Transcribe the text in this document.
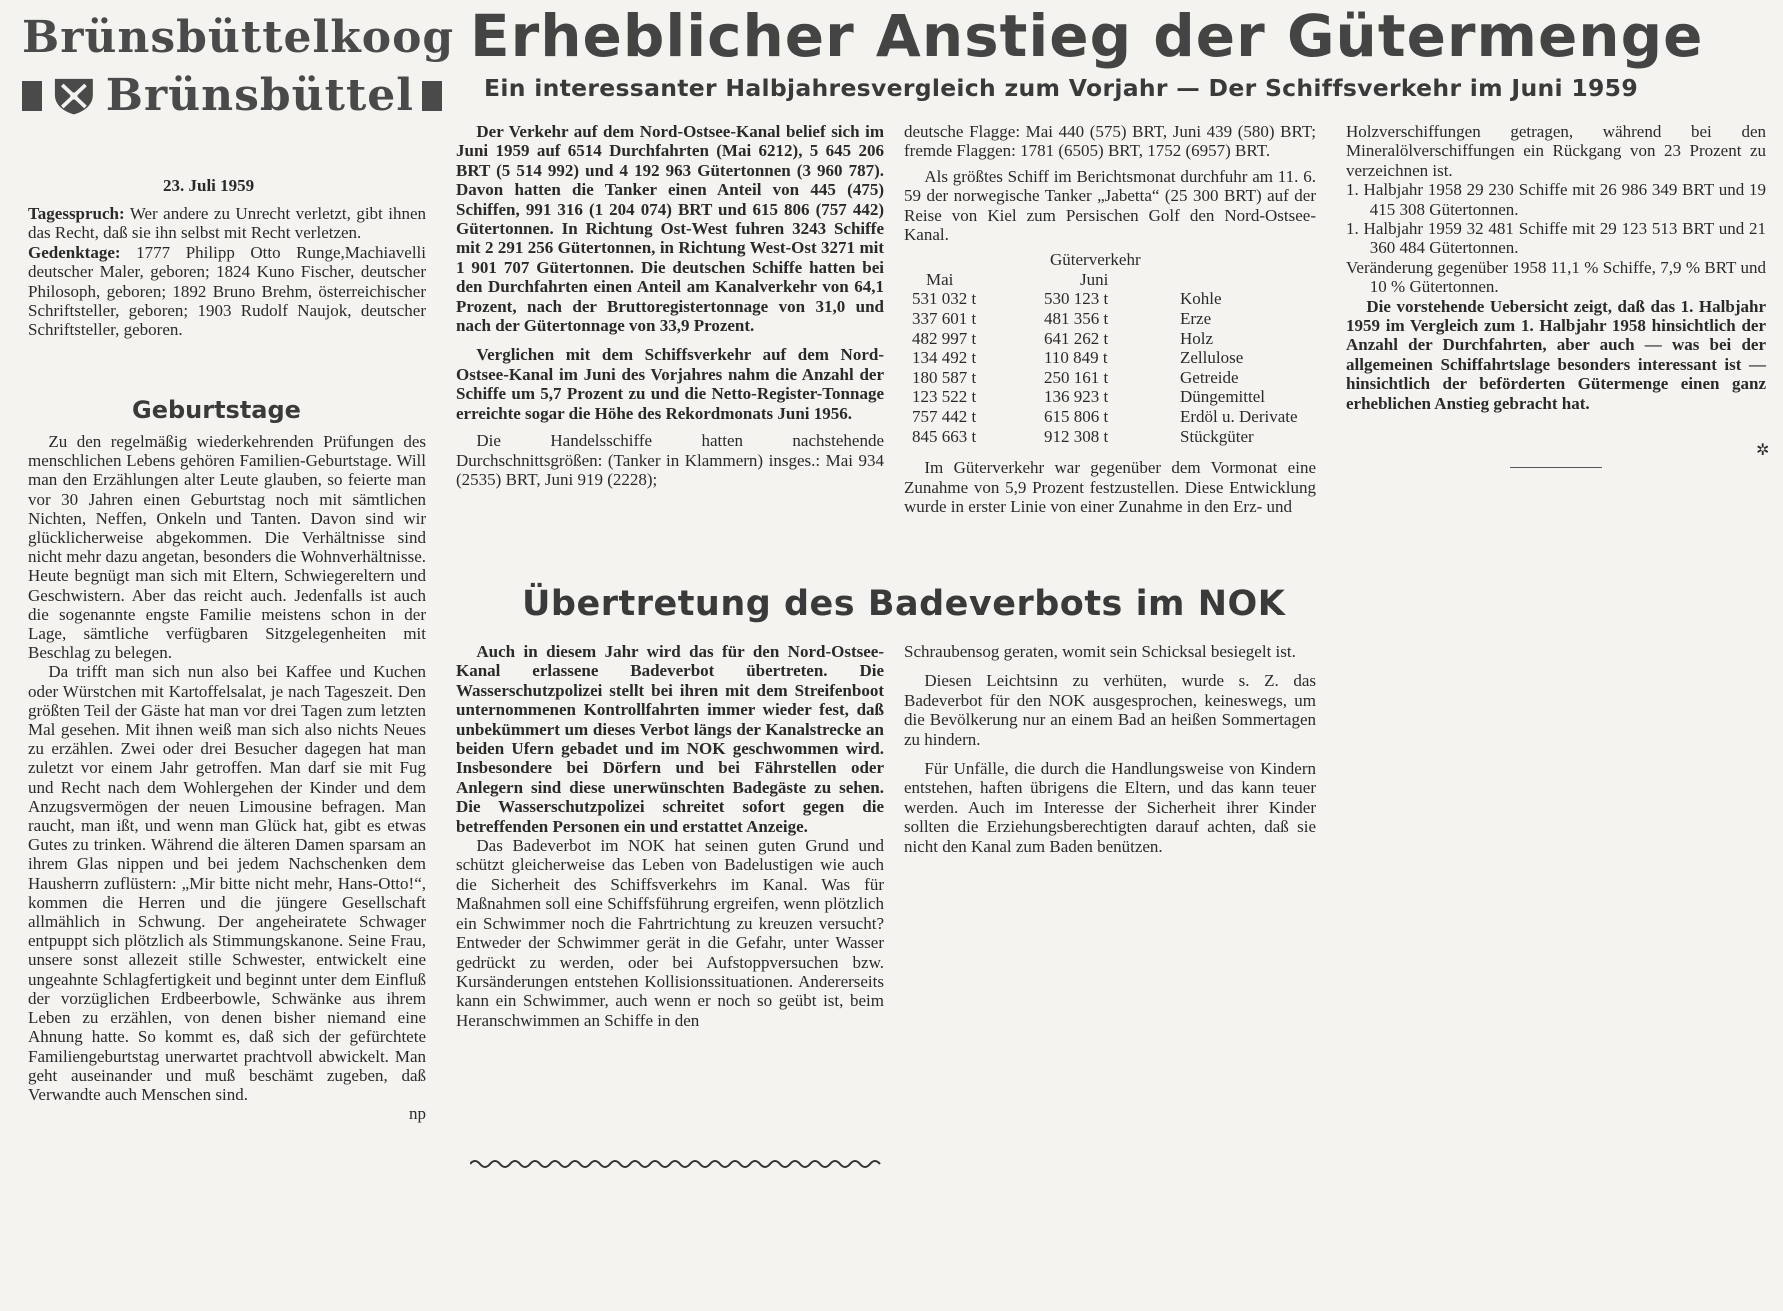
Brünsbüttelkoog
Brünsbüttel
23. Juli 1959

Tagesspruch: Wer andere zu Unrecht verletzt, gibt ihnen das Recht, daß sie ihn selbst mit Recht verletzen.
Machiavelli

Gedenktage: 1777 Philipp Otto Runge, deutscher Maler, geboren; 1824 Kuno Fischer, deutscher Philosoph, geboren; 1892 Bruno Brehm, österreichischer Schriftsteller, geboren; 1903 Rudolf Naujok, deutscher Schriftsteller, geboren.

Geburtstage

Zu den regelmäßig wiederkehrenden Prüfungen des menschlichen Lebens gehören Familien-Geburtstage. Will man den Erzählungen alter Leute glauben, so feierte man vor 30 Jahren einen Geburtstag noch mit sämtlichen Nichten, Neffen, Onkeln und Tanten. Davon sind wir glücklicherweise abgekommen. Die Verhältnisse sind nicht mehr dazu angetan, besonders die Wohnverhältnisse. Heute begnügt man sich mit Eltern, Schwiegereltern und Geschwistern. Aber das reicht auch. Jedenfalls ist auch die sogenannte engste Familie meistens schon in der Lage, sämtliche verfügbaren Sitzgelegenheiten mit Beschlag zu belegen.

Da trifft man sich nun also bei Kaffee und Kuchen oder Würstchen mit Kartoffelsalat, je nach Tageszeit. Den größten Teil der Gäste hat man vor drei Tagen zum letzten Mal gesehen. Mit ihnen weiß man sich also nichts Neues zu erzählen. Zwei oder drei Besucher dagegen hat man zuletzt vor einem Jahr getroffen. Man darf sie mit Fug und Recht nach dem Wohlergehen der Kinder und dem Anzugsvermögen der neuen Limousine befragen. Man raucht, man ißt, und wenn man Glück hat, gibt es etwas Gutes zu trinken. Während die älteren Damen sparsam an ihrem Glas nippen und bei jedem Nachschenken dem Hausherrn zuflüstern: „Mir bitte nicht mehr, Hans-Otto!“, kommen die Herren und die jüngere Gesellschaft allmählich in Schwung. Der angeheiratete Schwager entpuppt sich plötzlich als Stimmungskanone. Seine Frau, unsere sonst allezeit stille Schwester, entwickelt eine ungeahnte Schlagfertigkeit und beginnt unter dem Einfluß der vorzüglichen Erdbeerbowle, Schwänke aus ihrem Leben zu erzählen, von denen bisher niemand eine Ahnung hatte. So kommt es, daß sich der gefürchtete Familiengeburtstag unerwartet prachtvoll abwickelt. Man geht auseinander und muß beschämt zugeben, daß Verwandte auch Menschen sind.

np

Erheblicher Anstieg der Gütermenge
Ein interessanter Halbjahresvergleich zum Vorjahr — Der Schiffsverkehr im Juni 1959

Der Verkehr auf dem Nord-Ostsee-Kanal belief sich im Juni 1959 auf 6514 Durchfahrten (Mai 6212), 5 645 206 BRT (5 514 992) und 4 192 963 Gütertonnen (3 960 787). Davon hatten die Tanker einen Anteil von 445 (475) Schiffen, 991 316 (1 204 074) BRT und 615 806 (757 442) Gütertonnen. In Richtung Ost-West fuhren 3243 Schiffe mit 2 291 256 Gütertonnen, in Richtung West-Ost 3271 mit 1 901 707 Gütertonnen. Die deutschen Schiffe hatten bei den Durchfahrten einen Anteil am Kanalverkehr von 64,1 Prozent, nach der Bruttoregistertonnage von 31,0 und nach der Gütertonnage von 33,9 Prozent.

Verglichen mit dem Schiffsverkehr auf dem Nord-Ostsee-Kanal im Juni des Vorjahres nahm die Anzahl der Schiffe um 5,7 Prozent zu und die Netto-Register-Tonnage erreichte sogar die Höhe des Rekordmonats Juni 1956.

Die Handelsschiffe hatten nachstehende Durchschnittsgrößen: (Tanker in Klammern) insges.: Mai 934 (2535) BRT, Juni 919 (2228);

deutsche Flagge: Mai 440 (575) BRT, Juni 439 (580) BRT; fremde Flaggen: 1781 (6505) BRT, 1752 (6957) BRT.

Als größtes Schiff im Berichtsmonat durchfuhr am 11. 6. 59 der norwegische Tanker „Jabetta“ (25 300 BRT) auf der Reise von Kiel zum Persischen Golf den Nord-Ostsee-Kanal.

Güterverkehr
Mai	Juni	
531 032 t	530 123 t	Kohle
337 601 t	481 356 t	Erze
482 997 t	641 262 t	Holz
134 492 t	110 849 t	Zellulose
180 587 t	250 161 t	Getreide
123 522 t	136 923 t	Düngemittel
757 442 t	615 806 t	Erdöl u. Derivate
845 663 t	912 308 t	Stückgüter

Im Güterverkehr war gegenüber dem Vormonat eine Zunahme von 5,9 Prozent festzustellen. Diese Entwicklung wurde in erster Linie von einer Zunahme in den Erz- und

Holzverschiffungen getragen, während bei den Mineralölverschiffungen ein Rückgang von 23 Prozent zu verzeichnen ist.

1. Halbjahr 1958 29 230 Schiffe mit 26 986 349 BRT und 19 415 308 Gütertonnen.

1. Halbjahr 1959 32 481 Schiffe mit 29 123 513 BRT und 21 360 484 Gütertonnen.

Veränderung gegenüber 1958 11,1 % Schiffe, 7,9 % BRT und 10 % Gütertonnen.

Die vorstehende Uebersicht zeigt, daß das 1. Halbjahr 1959 im Vergleich zum 1. Halbjahr 1958 hinsichtlich der Anzahl der Durchfahrten, aber auch — was bei der allgemeinen Schiffahrtslage besonders interessant ist — hinsichtlich der beförderten Gütermenge einen ganz erheblichen Anstieg gebracht hat.

✲
Übertretung des Badeverbots im NOK

Auch in diesem Jahr wird das für den Nord-Ostsee-Kanal erlassene Badeverbot übertreten. Die Wasserschutzpolizei stellt bei ihren mit dem Streifenboot unternommenen Kontrollfahrten immer wieder fest, daß unbekümmert um dieses Verbot längs der Kanalstrecke an beiden Ufern gebadet und im NOK geschwommen wird. Insbesondere bei Dörfern und bei Fährstellen oder Anlegern sind diese unerwünschten Badegäste zu sehen. Die Wasserschutzpolizei schreitet sofort gegen die betreffenden Personen ein und erstattet Anzeige.

Das Badeverbot im NOK hat seinen guten Grund und schützt gleicherweise das Leben von Badelustigen wie auch die Sicherheit des Schiffsverkehrs im Kanal. Was für Maßnahmen soll eine Schiffsführung ergreifen, wenn plötzlich ein Schwimmer noch die Fahrtrichtung zu kreuzen versucht? Entweder der Schwimmer gerät in die Gefahr, unter Wasser gedrückt zu werden, oder bei Aufstoppversuchen bzw. Kursänderungen entstehen Kollisionssituationen. Andererseits kann ein Schwimmer, auch wenn er noch so geübt ist, beim Heranschwimmen an Schiffe in den

Schraubensog geraten, womit sein Schicksal besiegelt ist.

Diesen Leichtsinn zu verhüten, wurde s. Z. das Badeverbot für den NOK ausgesprochen, keineswegs, um die Bevölkerung nur an einem Bad an heißen Sommertagen zu hindern.

Für Unfälle, die durch die Handlungsweise von Kindern entstehen, haften übrigens die Eltern, und das kann teuer werden. Auch im Interesse der Sicherheit ihrer Kinder sollten die Erziehungsberechtigten darauf achten, daß sie nicht den Kanal zum Baden benützen.
